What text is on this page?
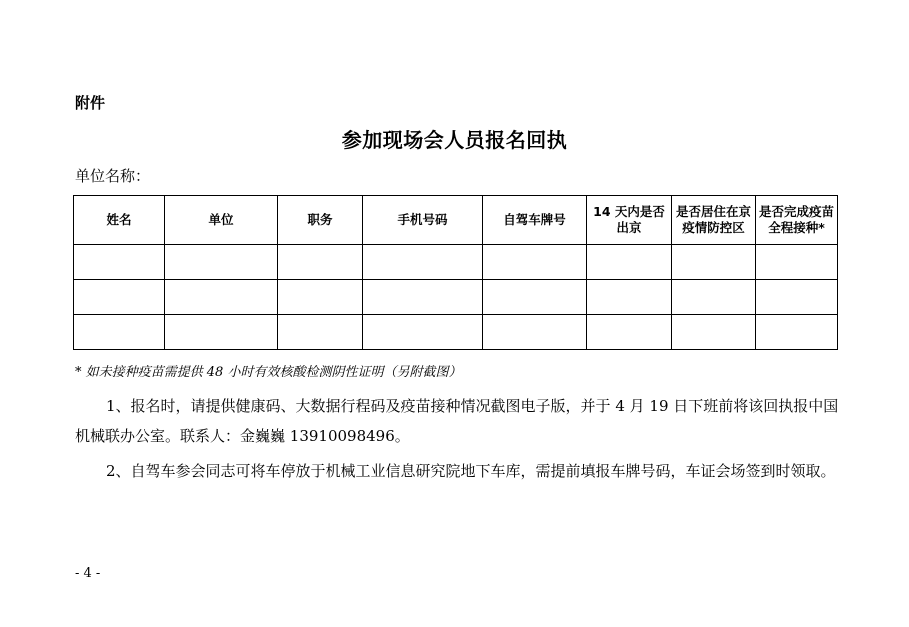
附件
参加现场会人员报名回执
单位名称：
姓名	单位	职务	手机号码	自驾车牌号	14 天内是否出京	是否居住在京疫情防控区	是否完成疫苗全程接种*

* 如未接种疫苗需提供 48 小时有效核酸检测阴性证明（另附截图）

1、报名时，请提供健康码、大数据行程码及疫苗接种情况截图电子版，并于 4 月 19 日下班前将该回执报中国机械联办公室。联系人：金巍巍 13910098496。

2、自驾车参会同志可将车停放于机械工业信息研究院地下车库，需提前填报车牌号码，车证会场签到时领取。

- 4 -
